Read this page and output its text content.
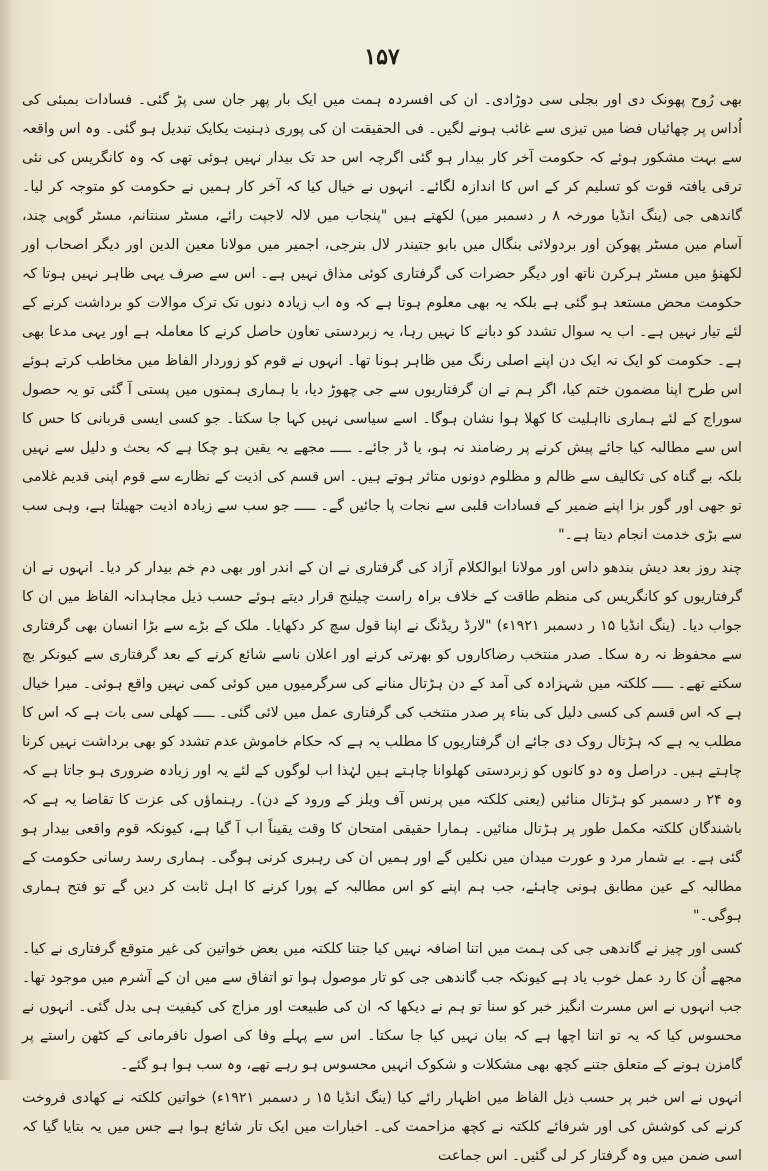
۱۵۷

بھی رُوح پھونک دی اور بجلی سی دوڑادی۔ ان کی افسردہ ہمت میں ایک بار پھر جان سی پڑ گئی۔ فسادات بمبئی کی اُداس پر چھائیاں فضا میں تیزی سے غائب ہونے لگیں۔ فی الحقیقت ان کی پوری ذہنیت یکایک تبدیل ہو گئی۔ وہ اس واقعہ سے بہت مشکور ہوئے کہ حکومت آخر کار بیدار ہو گئی اگرچہ اس حد تک بیدار نہیں ہوئی تھی کہ وہ کانگریس کی نئی ترقی یافتہ قوت کو تسلیم کر کے اس کا اندازہ لگائے۔ انہوں نے خیال کیا کہ آخر کار ہمیں نے حکومت کو متوجہ کر لیا۔ گاندھی جی (ینگ انڈیا مورخہ ۸ ر دسمبر میں) لکھتے ہیں "پنجاب میں لالہ لاجپت رائے، مسٹر سنتانم، مسٹر گوپی چند، آسام میں مسٹر پھوکن اور بردولائی بنگال میں بابو جتیندر لال بنرجی، اجمیر میں مولانا معین الدین اور دیگر اصحاب اور لکھنؤ میں مسٹر ہرکرن ناتھ اور دیگر حضرات کی گرفتاری کوئی مذاق نہیں ہے۔ اس سے صرف یہی ظاہر نہیں ہوتا کہ حکومت محض مستعد ہو گئی ہے بلکہ یہ بھی معلوم ہوتا ہے کہ وہ اب زیادہ دنوں تک ترک موالات کو برداشت کرنے کے لئے تیار نہیں ہے۔ اب یہ سوال تشدد کو دبانے کا نہیں رہا، یہ زبردستی تعاون حاصل کرنے کا معاملہ ہے اور یہی مدعا بھی ہے۔ حکومت کو ایک نہ ایک دن اپنے اصلی رنگ میں ظاہر ہونا تھا۔ انہوں نے قوم کو زوردار الفاظ میں مخاطب کرتے ہوئے اس طرح اپنا مضمون ختم کیا، اگر ہم نے ان گرفتاریوں سے جی چھوڑ دیا، یا ہماری ہمتوں میں پستی آ گئی تو یہ حصول سوراج کے لئے ہماری نااہلیت کا کھلا ہوا نشان ہوگا۔ اسے سیاسی نہیں کہا جا سکتا۔ جو کسی ایسی قربانی کا حس کا اس سے مطالبہ کیا جائے پیش کرنے پر رضامند نہ ہو، یا ڈر جائے۔ ـــــ مجھے یہ یقین ہو چکا ہے کہ بحث و دلیل سے نہیں بلکہ بے گناہ کی تکالیف سے ظالم و مظلوم دونوں متاثر ہوتے ہیں۔ اس قسم کی اذیت کے نظارے سے قوم اپنی قدیم غلامی تو جھی اور گور بزا اپنے ضمیر کے فسادات قلبی سے نجات پا جائیں گے۔ ـــــ جو سب سے زیادہ اذیت جھیلتا ہے، وہی سب سے بڑی خدمت انجام دیتا ہے۔"

چند روز بعد دیش بندھو داس اور مولانا ابوالکلام آزاد کی گرفتاری نے ان کے اندر اور بھی دم خم بیدار کر دیا۔ انہوں نے ان گرفتاریوں کو کانگریس کی منظم طاقت کے خلاف براہ راست چیلنج قرار دیتے ہوئے حسب ذیل مجاہدانہ الفاظ میں ان کا جواب دیا۔ (ینگ انڈیا ۱۵ ر دسمبر ۱۹۲۱ء) "لارڈ ریڈنگ نے اپنا قول سچ کر دکھایا۔ ملک کے بڑے سے بڑا انسان بھی گرفتاری سے محفوظ نہ رہ سکا۔ صدر منتخب رضاکاروں کو بھرتی کرنے اور اعلان ناسے شائع کرنے کے بعد گرفتاری سے کیونکر بچ سکتے تھے۔ ـــــ کلکتہ میں شہزادہ کی آمد کے دن ہڑتال منانے کی سرگرمیوں میں کوئی کمی نہیں واقع ہوئی۔ میرا خیال ہے کہ اس قسم کی کسی دلیل کی بناء پر صدر منتخب کی گرفتاری عمل میں لائی گئی۔ ـــــ کھلی سی بات ہے کہ اس کا مطلب یہ ہے کہ ہڑتال روک دی جائے ان گرفتاریوں کا مطلب یہ ہے کہ حکام خاموش عدم تشدد کو بھی برداشت نہیں کرنا چاہتے ہیں۔ دراصل وہ دو کانوں کو زبردستی کھلوانا چاہتے ہیں لہٰذا اب لوگوں کے لئے یہ اور زیادہ ضروری ہو جاتا ہے کہ وہ ۲۴ ر دسمبر کو ہڑتال منائیں (یعنی کلکتہ میں پرنس آف ویلز کے ورود کے دن)۔ رہنماؤں کی عزت کا تقاضا یہ ہے کہ باشندگان کلکتہ مکمل طور پر ہڑتال منائیں۔ ہمارا حقیقی امتحان کا وقت یقیناً اب آ گیا ہے، کیونکہ قوم واقعی بیدار ہو گئی ہے۔ بے شمار مرد و عورت میدان میں نکلیں گے اور ہمیں ان کی رہبری کرنی ہوگی۔ ہماری رسد رسانی حکومت کے مطالبہ کے عین مطابق ہونی چاہئے، جب ہم اپنے کو اس مطالبہ کے پورا کرنے کا اہل ثابت کر دیں گے تو فتح ہماری ہوگی۔"

کسی اور چیز نے گاندھی جی کی ہمت میں اتنا اضافہ نہیں کیا جتنا کلکتہ میں بعض خواتین کی غیر متوقع گرفتاری نے کیا۔ مجھے اُن کا رد عمل خوب یاد ہے کیونکہ جب گاندھی جی کو تار موصول ہوا تو اتفاق سے میں ان کے آشرم میں موجود تھا۔ جب انہوں نے اس مسرت انگیز خبر کو سنا تو ہم نے دیکھا کہ ان کی طبیعت اور مزاج کی کیفیت ہی بدل گئی۔ انہوں نے محسوس کیا کہ یہ تو اتنا اچھا ہے کہ بیان نہیں کیا جا سکتا۔ اس سے پہلے وفا کی اصول نافرمانی کے کٹھن راستے پر گامزن ہونے کے متعلق جتنے کچھ بھی مشکلات و شکوک انہیں محسوس ہو رہے تھے، وہ سب ہوا ہو گئے۔

انہوں نے اس خبر پر حسب ذیل الفاظ میں اظہار رائے کیا (ینگ انڈیا ۱۵ ر دسمبر ۱۹۲۱ء) خواتین کلکتہ نے کھادی فروخت کرنے کی کوشش کی اور شرفائے کلکتہ نے کچھ مزاحمت کی۔ اخبارات میں ایک تار شائع ہوا ہے جس میں یہ بتایا گیا کہ اسی ضمن میں وہ گرفتار کر لی گئیں۔ اس جماعت
